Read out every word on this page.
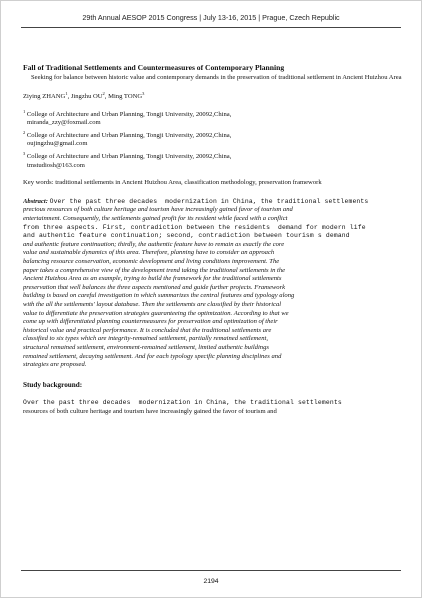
29th Annual AESOP 2015 Congress | July 13-16, 2015 | Prague, Czech Republic

Fall of Traditional Settlements and Countermeasures of Contemporary Planning

Seeking for balance between historic value and contemporary demands in the preservation of traditional settlement in Ancient Huizhou Area
Ziying ZHANG$^1$, Jingzhu $OU^2$, Ming TONG$^3$
$^1$ College of Architecture and Urban Planning, Tongji University, 20092,China,
miranda_zzy@foxmail.com
$^2$ College of Architecture and Urban Planning, Tongji University, 20092,China,
oujingzhu@gmail.com
$^3$ College of Architecture and Urban Planning, Tongji University, 20092,China,
tmstudiosh@163.com
Key words: traditional settlements in Ancient Huizhou Area, classification methodology, preservation framework
Abstract: Over the past three decades  modernization in China, the traditional settlements
precious resources of both culture heritage and tourism have increasingly gained favor of tourism and
entertainment. Consequently, the settlements gained profit for its resident while faced with a conflict
from three aspects. First, contradiction between the residents  demand for modern life
and authentic feature continuation; second, contradiction between tourism s demand
and authentic feature continuation; thirdly, the authentic feature have to remain as exactly the core
value and sustainable dynamics of this area. Therefore, planning have to consider an approach
balancing resource conservation, economic development and living conditions improvement. The
paper takes a comprehensive view of the development trend taking the traditional settlements in the
Ancient Huizhou Area as an example, trying to build the framework for the traditional settlements
preservation that well balances the three aspects mentioned and guide further projects. Framework
building is based on careful investigation in which summarizes the central features and typology along
with the all the settlements' layout database. Then the settlements are classified by their historical
value to differentiate the preservation strategies guaranteeing the optimization. According to that we
come up with differentiated planning countermeasures for preservation and optimization of their
historical value and practical performance. It is concluded that the traditional settlements are
classified to six types which are integrity-remained settlement, partially remained settlement,
structural remained settlement, environment-remained settlement, limited authentic buildings
remained settlement, decaying settlement. And for each typology specific planning disciplines and
strategies are proposed.
Study background:
Over the past three decades  modernization in China, the traditional settlements
resources of both culture heritage and tourism have increasingly gained the favor of tourism and
2194
